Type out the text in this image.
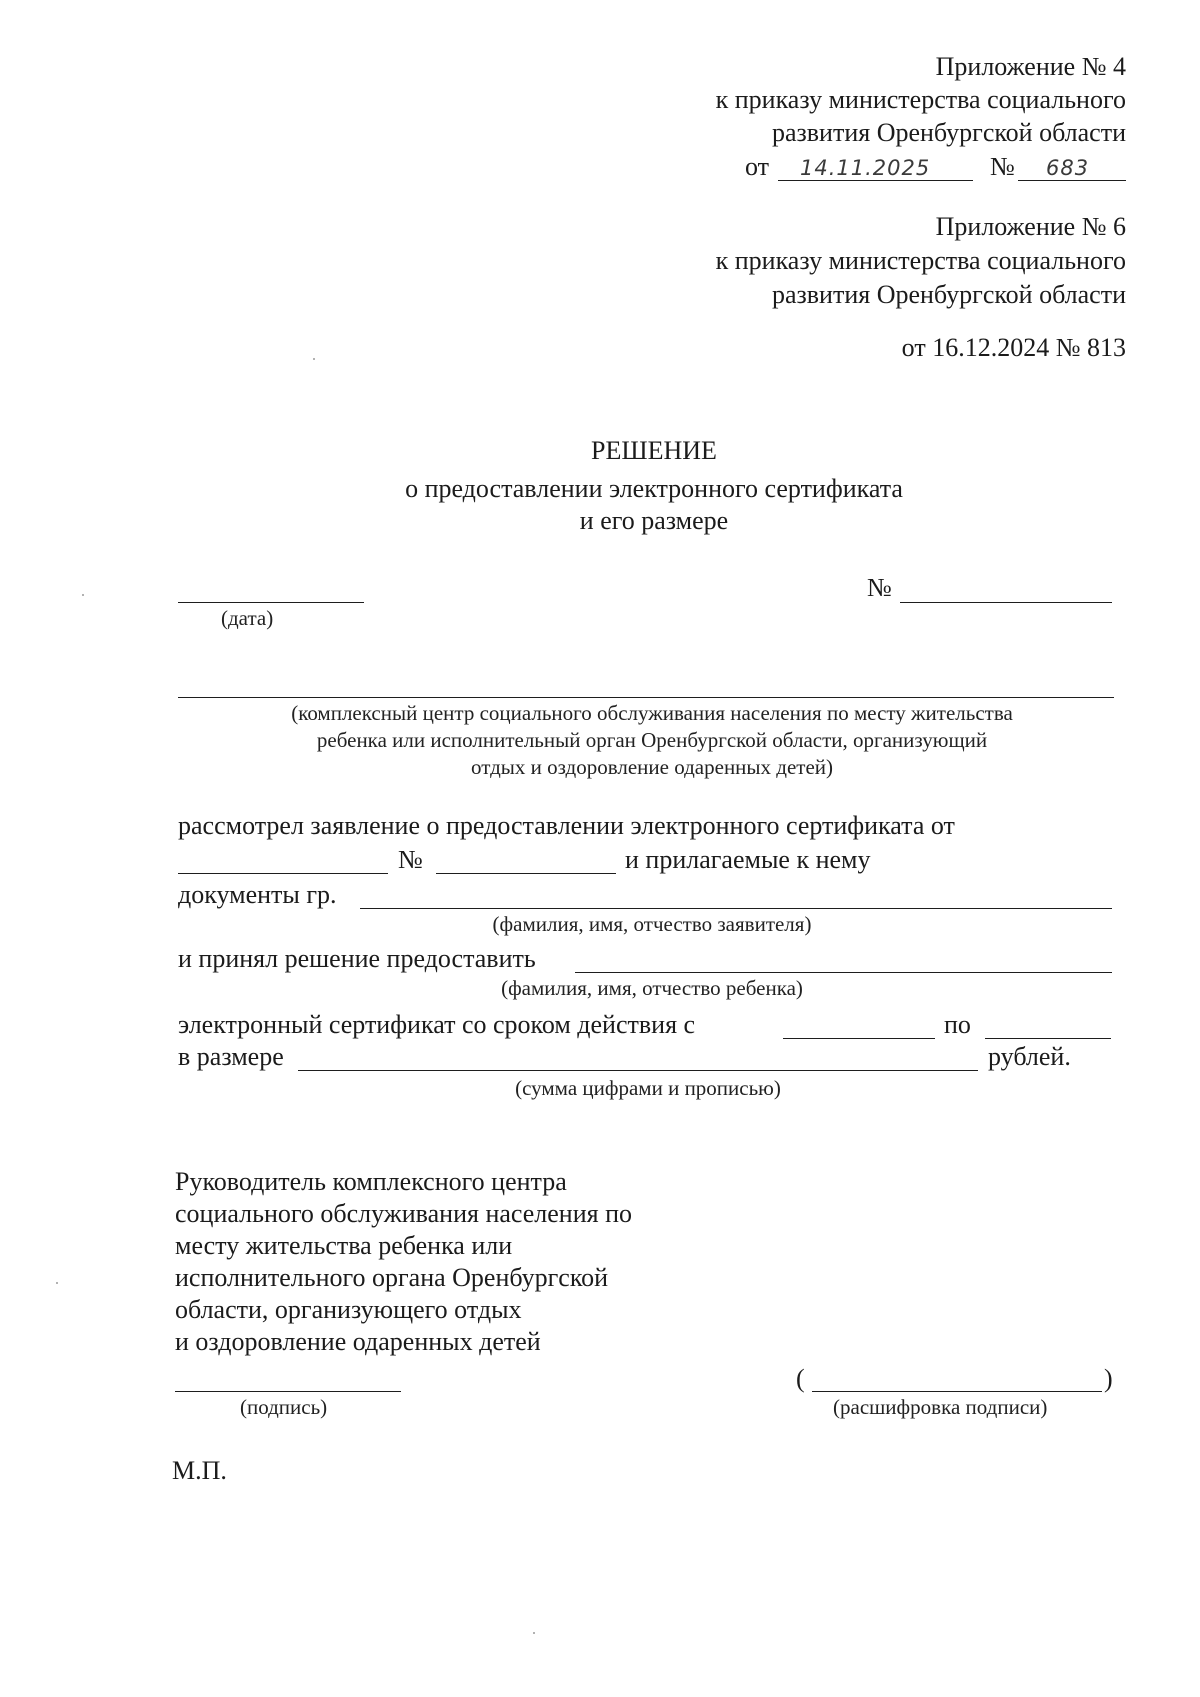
Приложение № 4
к приказу министерства социального
развития Оренбургской области
от 14.11.2025 № 683
Приложение № 6
к приказу министерства социального
развития Оренбургской области
от 16.12.2024 № 813
РЕШЕНИЕ
о предоставлении электронного сертификата
и его размере
(дата)
№
(комплексный центр социального обслуживания населения по месту жительства
ребенка или исполнительный орган Оренбургской области, организующий
отдых и оздоровление одаренных детей)
рассмотрел заявление о предоставлении электронного сертификата от
№	и прилагаемые к нему
документы гр.
(фамилия, имя, отчество заявителя)
и принял решение предоставить
(фамилия, имя, отчество ребенка)
электронный сертификат со сроком действия с	по
в размере	рублей.
(сумма цифрами и прописью)
Руководитель комплексного центра
социального обслуживания населения по
месту жительства ребенка или
исполнительного органа Оренбургской
области, организующего отдых
и оздоровление одаренных детей
(подпись)
(	)
(расшифровка подписи)
М.П.
